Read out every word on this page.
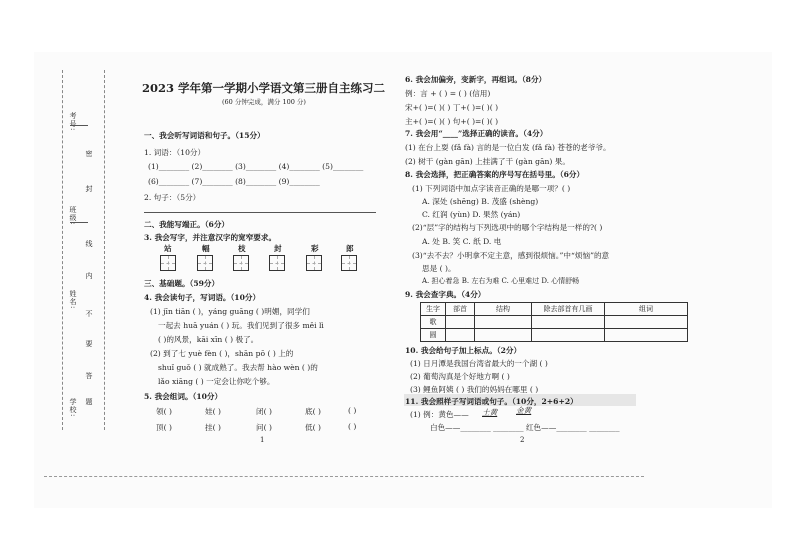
考号:
班级:
姓名:
学校:
密
封
线
内
不
要
答
题
2023 学年第一学期小学语文第三册自主练习二
(60 分钟完成，满分 100 分)
一、我会听写词语和句子。（15分）
1. 词语：（10分）
(1)________ (2)________ (3)________ (4)________ (5)________
(6)________ (7)________ (8)________ (9)________
2. 句子：（5分）
二、我能写端正。（6分）
3. 我会写字，并注意汉字的宽窄要求。
站	幅	枝	封	彩	郎
三、基础题。（59分）
4. 我会读句子，写词语。（10分）
(1) jīn tiān ( )，yáng guāng ( )明媚，同学们
一起去 huā yuán ( ) 玩。我们见到了很多 měi lì
( )的风景，kāi xīn ( ) 极了。
(2) 到了七 yuè fèn ( )，shān pō ( ) 上的
shuǐ guǒ ( ) 就成熟了。我去帮 hào wèn ( )的
lǎo xiāng ( ) 一定会让你吃个够。
5. 我会组词。（10分）
领( )	娃( )	闭( )	底( )	( )
顶( )	挂( )	问( )	低( )	( )
1
6. 我会加偏旁，变新字，再组词。（8分）
例：言 + ( ) = ( ) (信用)
宋+( )=( )( ) 丁+( )=( )( )
主+( )=( )( ) 句+( )=( )( )
7. 我会用“____”选择正确的读音。（4分）
(1) 在台上耍 (fǎ fà) 言的是一位白发 (fǎ fà) 苍苍的老爷爷。
(2) 树干 (gàn gān) 上挂满了干 (gàn gān) 果。
8. 我会选择，把正确答案的序号写在括号里。（6分）
(1) 下列词语中加点字读音正确的是哪一项？( )
A. 深处 (shēng) B. 茂盛 (shèng)
C. 红润 (yùn) D. 果然 (yán)
(2)“层”字的结构与下列选项中的哪个字结构是一样的?( )
A. 处 B. 笑 C. 纸 D. 电
(3)“去不去？小明拿不定主意，感到很烦恼。”中“烦恼”的意
思是 ( )。
A. 担心着急 B. 左右为难 C. 心里难过 D. 心情舒畅
9. 我会查字典。（4分）
生字	部首	结构	除去部首有几画	组词
歌				
圆				
10. 我会给句子加上标点。（2分）
(1) 日月潭是我国台湾省最大的一个湖 ( )
(2) 葡萄沟真是个好地方啊 ( )
(3) 鲤鱼阿姨 ( ) 我们的妈妈在哪里 ( )
11. 我会照样子写词语或句子。（10分，2+6+2）
(1) 例：黄色—— 土黄 金黄
白色——________ ________ 红色——________ ________
2
